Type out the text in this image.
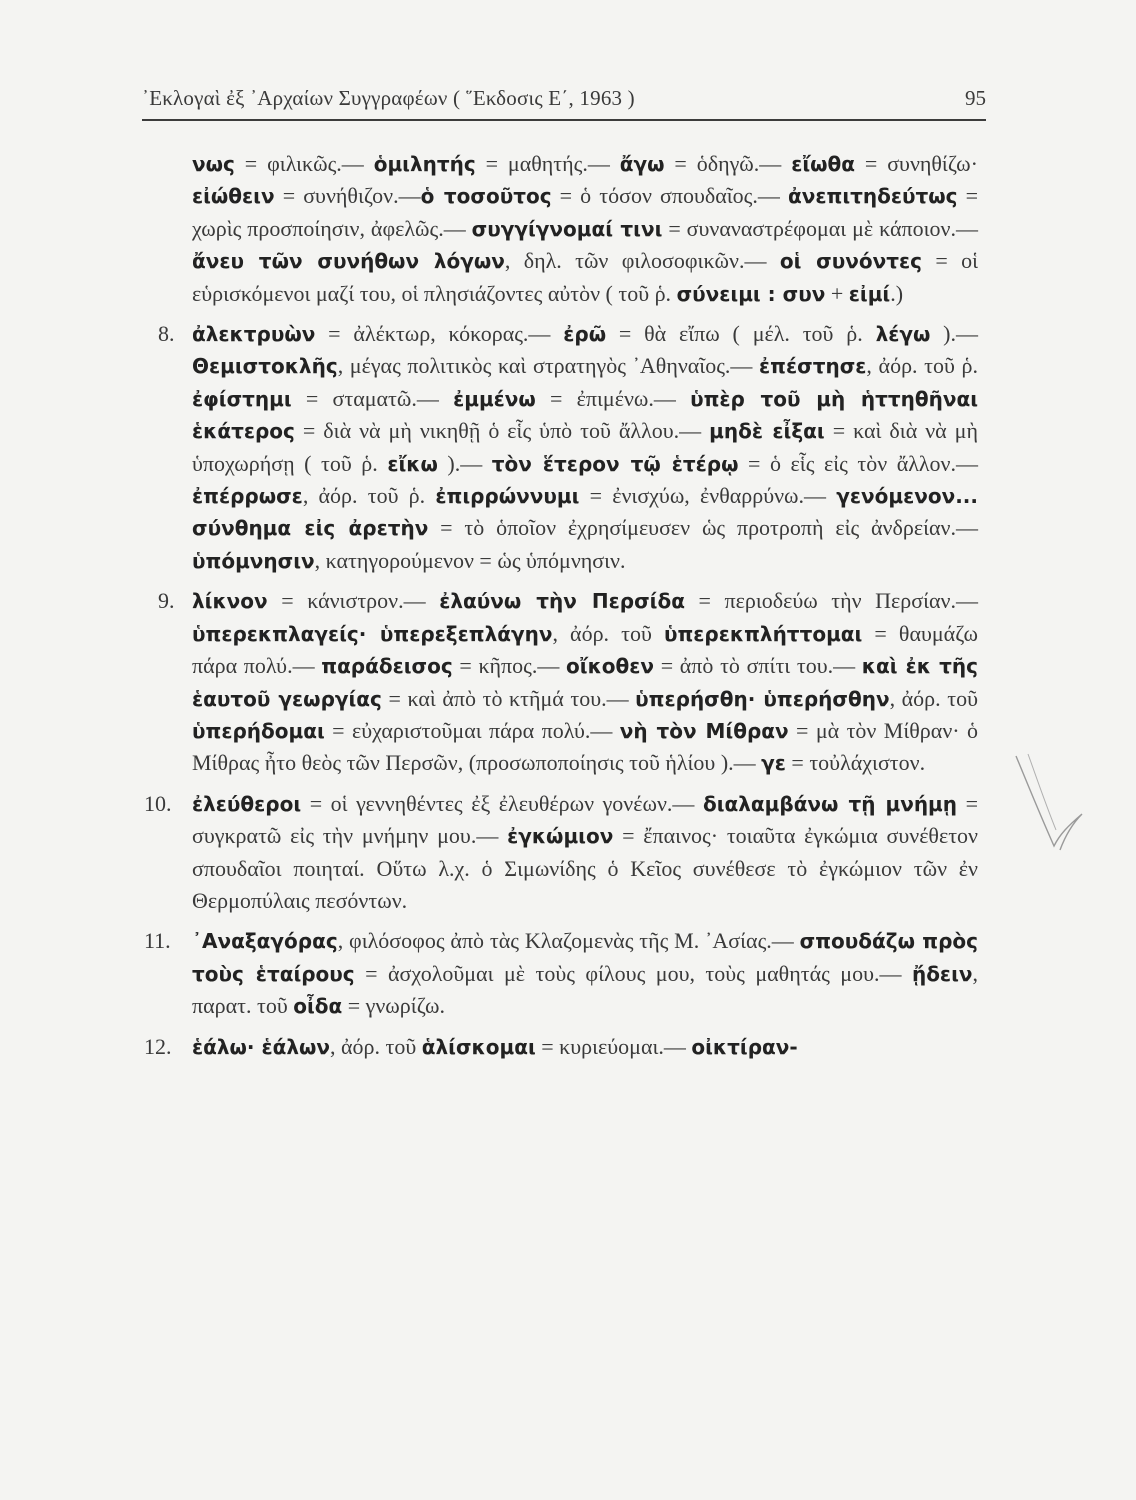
᾽Εκλογαὶ ἐξ ᾽Αρχαίων Συγγραφέων ( ῞Εκδοσις Ε΄, 1963 )	95

νως = φιλικῶς.— ὁμιλητής = μαθητής.— ἄγω = ὁδηγῶ.— εἴωθα = συνηθίζω· εἰώθειν = συνήθιζον.—ὁ τοσοῦτος = ὁ τόσον σπουδαῖος.— ἀνεπιτηδεύτως = χωρὶς προσποίησιν, ἀφελῶς.— συγγίγνομαί τινι = συναναστρέφομαι μὲ κάποιον.— ἄνευ τῶν συνήθων λόγων, δηλ. τῶν φιλοσοφικῶν.— οἱ συνόντες = οἱ εὑρισκόμενοι μαζί του, οἱ πλησιάζοντες αὐτὸν ( τοῦ ῥ. σύνειμι : συν + εἰμί.)

8. ἀλεκτρυὼν = ἀλέκτωρ, κόκορας.— ἐρῶ = θὰ εἴπω ( μέλ. τοῦ ῥ. λέγω ).— Θεμιστοκλῆς, μέγας πολιτικὸς καὶ στρατηγὸς ᾽Αθηναῖος.— ἐπέστησε, ἀόρ. τοῦ ῥ. ἐφίστημι = σταματῶ.— ἐμμένω = ἐπιμένω.— ὑπὲρ τοῦ μὴ ἡττηθῆναι ἑκάτερος = διὰ νὰ μὴ νικηθῇ ὁ εἷς ὑπὸ τοῦ ἄλλου.— μηδὲ εἶξαι = καὶ διὰ νὰ μὴ ὑποχωρήσῃ ( τοῦ ῥ. εἴκω ).— τὸν ἕτερον τῷ ἑτέρῳ = ὁ εἷς εἰς τὸν ἄλλον.— ἐπέρρωσε, ἀόρ. τοῦ ῥ. ἐπιρρώννυμι = ἐνισχύω, ἐνθαρρύνω.— γενόμενον... σύνθημα εἰς ἀρετὴν = τὸ ὁποῖον ἐχρησίμευσεν ὡς προτροπὴ εἰς ἀνδρείαν.— ὑπόμνησιν, κατηγορούμενον = ὡς ὑπόμνησιν.

9. λίκνον = κάνιστρον.— ἐλαύνω τὴν Περσίδα = περιοδεύω τὴν Περσίαν.— ὑπερεκπλαγείς· ὑπερεξεπλάγην, ἀόρ. τοῦ ὑπερεκπλήττομαι = θαυμάζω πάρα πολύ.— παράδεισος = κῆπος.— οἴκοθεν = ἀπὸ τὸ σπίτι του.— καὶ ἐκ τῆς ἑαυτοῦ γεωργίας = καὶ ἀπὸ τὸ κτῆμά του.— ὑπερήσθη· ὑπερήσθην, ἀόρ. τοῦ ὑπερήδομαι = εὐχαριστοῦμαι πάρα πολύ.— νὴ τὸν Μίθραν = μὰ τὸν Μίθραν· ὁ Μίθρας ἦτο θεὸς τῶν Περσῶν, (προσωποποίησις τοῦ ἡλίου ).— γε = τοὐλάχιστον.

10. ἐλεύθεροι = οἱ γεννηθέντες ἐξ ἐλευθέρων γονέων.— διαλαμβάνω τῇ μνήμῃ = συγκρατῶ εἰς τὴν μνήμην μου.— ἐγκώμιον = ἔπαινος· τοιαῦτα ἐγκώμια συνέθετον σπουδαῖοι ποιηταί. Οὕτω λ.χ. ὁ Σιμωνίδης ὁ Κεῖος συνέθεσε τὸ ἐγκώμιον τῶν ἐν Θερμοπύλαις πεσόντων.

11. ᾽Αναξαγόρας, φιλόσοφος ἀπὸ τὰς Κλαζομενὰς τῆς Μ. ᾽Ασίας.— σπουδάζω πρὸς τοὺς ἑταίρους = ἀσχολοῦμαι μὲ τοὺς φίλους μου, τοὺς μαθητάς μου.— ᾔδειν, παρατ. τοῦ οἶδα = γνωρίζω.

12. ἑάλω· ἑάλων, ἀόρ. τοῦ ἁλίσκομαι = κυριεύομαι.— οἰκτίραν-
